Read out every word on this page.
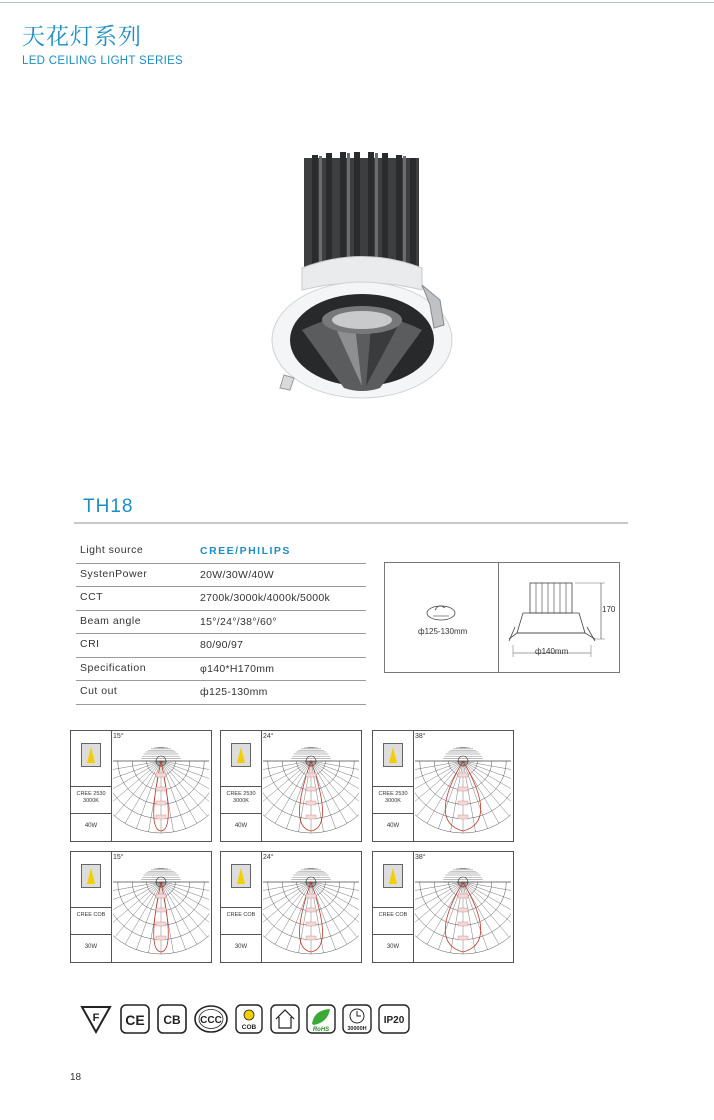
天花灯系列
LED CEILING LIGHT SERIES
TH18
Light source	CREE/PHILIPS
SystenPower	20W/30W/40W
CCT	2700k/3000k/4000k/5000k
Beam angle	15°/24°/38°/60°
CRI	80/90/97
Specification	φ140*H170mm
Cut out	ф125-130mm
ф125-130mm
170
ф140mm
CREE 2530 3000K
40W
15°
CREE 2530 3000K
40W
24°
CREE 2530 3000K
40W
38°
CREE COB
30W
15°
CREE COB
30W
24°
CREE COB
30W
38°
F CE CB CCC
COB	RoHS	30000H
IP20
18
